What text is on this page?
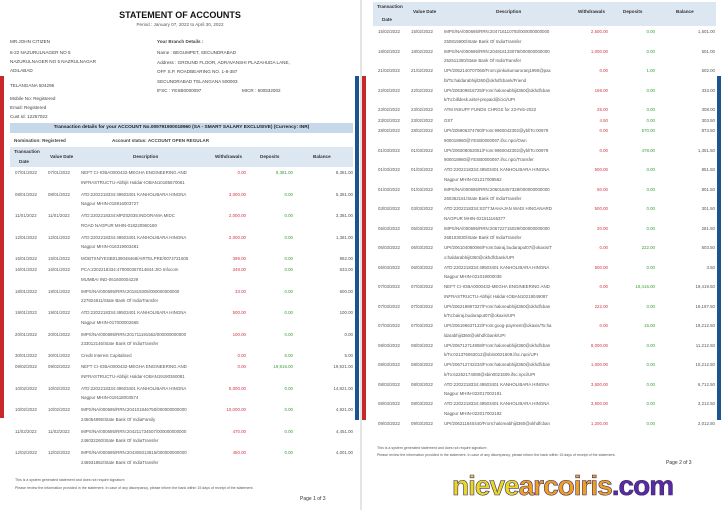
STATEMENT OF ACCOUNTS
Period : January 07, 2022 to April 30, 2022
MR.JOHN CITIZEN
8-22 NAZURULNAGER NO 5
NAZURULNAGER NO 5 NAZRULNAGAR
ADILABAD
TELANGANA 504296
Mobile No: Registered
Email: Registered
Cust Id: 12257022
Your Branch Details :
Name : BEGUMPET, SECUNDRABAD
Address : GROUND FLOOR, ADRAVANSHI PLAZAHUDA LANE,
OFF S.P. ROADBEARING NO. 1-8-387
SECUNDRABAD TELANGANA 500003
IFSC : YESB0000097	MICR : 500532002
Transaction details for your ACCOUNT No.009791900018960 (SA - SMART SALARY EXCLUSIVE) (Currency: INR)
Nomination: Registered	Account status: ACCOUNT OPEN REGULAR
Transaction
Value Date	Description	Withdrawals	Deposits	Balance
Date
07/01/2022	07/01/2022	0.00	8,381.00	8,381.00
NEFT Cr-IOBA0000432-MEGHA ENGINEERING AND
INFRASTRUCTU-Abhijit Haldar-IOBAN10185670061
08/01/2022	08/01/2022	3,000.00	0.00	5,381.00
ATD:2202218334:49503401 KANHOLIBARA HINGNA
Nagpur MHIN-015916003727
11/01/2022	11/01/2022	2,000.00	0.00	3,381.00
ATD:2202218334:MPZ02035:INDORAMA MIDC
ROAD NAGPUR MHIN-018220960180
12/01/2022	12/01/2022	2,000.00	0.00	1,381.00
ATD:2202218334:49503401 KANHOLIBARA HINGNA
Nagpur MHIN-016319003481
15/01/2022	15/01/2022	399.00	0.00	982.00
MOBTXN/YESB0139048468/AIRTELPRE/0074721505
16/01/2022	16/01/2022	349.00	0.00	633.00
PCA:2202218334:470000367014844:JIO Infocom
MUMBAI IND-061600004229
18/01/2022	18/01/2022	33.00	0.00	600.00
IMPS/NA/000695/RRN:201819305/000000000000
227824811/State Bank Of IndiaTransfer
19/01/2022	19/01/2022	500.00	0.00	100.00
ATD:2202218334:49503401 KANHOLIBARA HINGNA
Nagpur MHIN-017000002665
20/01/2022	20/01/2022	100.00	0.00	0.00
IMPS/NA/000695/RRN:201711191562/000000000000
233012146/State Bank Of IndiaTransfer
30/01/2022	30/01/2022	0.00	5.00	5.00
Credit Interest Capitalised
09/02/2022	09/02/2022	0.00	19,916.00	19,921.00
NEFT Cr-IOBA0000432-MEGHA ENGINEERING AND
INFRASTRUCTU-Abhijit Haldar-IOBAN19190360081
10/02/2022	10/02/2022	5,000.00	0.00	14,921.00
ATD:2202218334:49503401 KANHOLIBARA HINGNA
Nagpur MHIN-019118003574
10/02/2022	10/02/2022	10,000.00	0.00	4,921.00
IMPS/NA/000695/RRN:204101846750/000000000000
245054895/State Bank Of IndiaFamily
11/02/2022	11/02/2022	470.00	0.00	4,451.00
IMPS/NA/000695/RRN:204211734507/000000000000
246032260/State Bank Of IndiaTransfer
12/02/2022	12/02/2022	450.00	0.00	4,001.00
IMPS/NA/000695/RRN:204309313815/000000000000
246931862/State Bank Of IndiaTransfer
This is a system generated statement and does not require signature.
Please review the information provided in the statement. In case of any discrepancy, please inform the bank within 15 days of receipt of the statement.
Page 1 of 3
Transaction
Value Date	Description	Withdrawals	Deposits	Balance
Date
15/02/2022	15/02/2022	2,500.00	0.00	1,501.00
IMPS/NA/000695/RRN:204716110793/000000000000
250815900/State Bank Of IndiaTransfer
18/02/2022	18/02/2022	1,000.00	0.00	501.00
IMPS/NA/000695/RRN:204916133079/000000000000
252511300/State Bank Of IndiaTransfer
21/02/2022	21/02/2022	0.00	1.00	502.00
UPI/2052140707060/From:pinkukumaroranj1990@pax
bl/To:haldarabhijit360@okhdfcbank/Friend
22/02/2022	22/02/2022	169.00	0.00	333.00
UPI/205309816725/From:haloreabhijit360@okhdfcban
k/To:billdesk.airtel-prepaid@icici/UPI
23/02/2022	23/02/2022	25.00	0.00	308.00
ATM INSUFF FUNDS CHRGS for 23-Feb-2022
23/02/2022	23/02/2022	4.50	0.00	303.50
GST
28/02/2022	28/02/2022	0.00	570.00	873.50
UPI/205906374780/From:9960042302@ybl/To:00979
900018960@YESB0000097.ifsc.npci/Own
01/03/2022	01/03/2022	0.00	478.00	1,351.50
UPI/206008052051/From:9960042302@ybl/To:00979
900018960@YESB0000097.ifsc.npci/Transfer
01/03/2022	01/03/2022	500.00	0.00	851.50
ATD:2202218334:49503401 KANHOLIBARA HINGNA
Nagpur MHIN-021217008562
01/03/2022	01/03/2022	50.00	0.00	801.50
IMPS/NA/000695/RRN:206018457328/000000000000
260362161/State Bank Of IndiaTransfer
03/03/2022	03/03/2022	500.00	0.00	301.50
ATD:2202218334:S377:MAHAJAN WADI HINGANARD
NAGPUR MHIN-021511165377
05/03/2022	05/03/2022	20.00	0.00	281.50
IMPS/NA/000695/RRN:206722715029/000000000000
268103030/State Bank Of IndiaTransfer
06/03/2022	06/03/2022	0.00	222.00	503.50
UPI/206104080066/From:bairaj.budaraput07@okaxis/T
o:haldarabhijit360@okhdfcbank/UPI
06/03/2022	06/03/2022	500.00	0.00	3.50
ATD:2202218334:49503401 KANHOLIBARA HINGNA
Nagpur MHIN-021019000035
07/03/2022	07/03/2022	0.00	19,416.00	19,419.50
NEFT Cr-IOBA0000432-MEGHA ENGINEERING AND
INFRASTRUCTU-Abhijit Haldar-IOBAN10219049087
07/03/2022	07/03/2022	222.00	0.00	19,197.50
UPI/206219897327/From:haloreabhijit360@okhdfcban
k/To:bairaj.budaraput07@okaxis/UPI
07/03/2022	07/03/2022	0.00	15.00	19,212.50
UPI/206196637122/From:goog-payment@okaxis/To:ha
ldarabhijit360@okhdfcbank/UPI
08/03/2022	08/03/2022	8,000.00	0.00	11,212.50
UPI/206712714958/From:haloreabhijit360@okhdfcban
k/To:021376063012@sbin0021509.ifsc.npci/UPI
08/03/2022	08/03/2022	1,000.00	0.00	10,212.50
UPI/206712742234/From:haloreabhijit360@okhdfcban
k/To:62262174080@sbin0021509.ifsc.npci/UPI
08/03/2022	08/03/2022	3,500.00	0.00	6,712.50
ATD:2202218334:49503401 KANHOLIBARA HINGNA
Nagpur MHIN-022017002191
08/03/2022	08/03/2022	3,500.00	0.00	3,212.50
ATD:2202218334:49503401 KANHOLIBARA HINGNA
Nagpur MHIN-022017002192
09/03/2022	09/03/2022	1,200.00	0.00	2,012.50
UPI/206211640440/From:haloreabhijit360@okhdfcban
This is a system generated statement and does not require signature.
Please review the information provided in the statement. In case of any discrepancy, please inform the bank within 15 days of receipt of the statement.
Page 2 of 3
nievearcoiris.com
